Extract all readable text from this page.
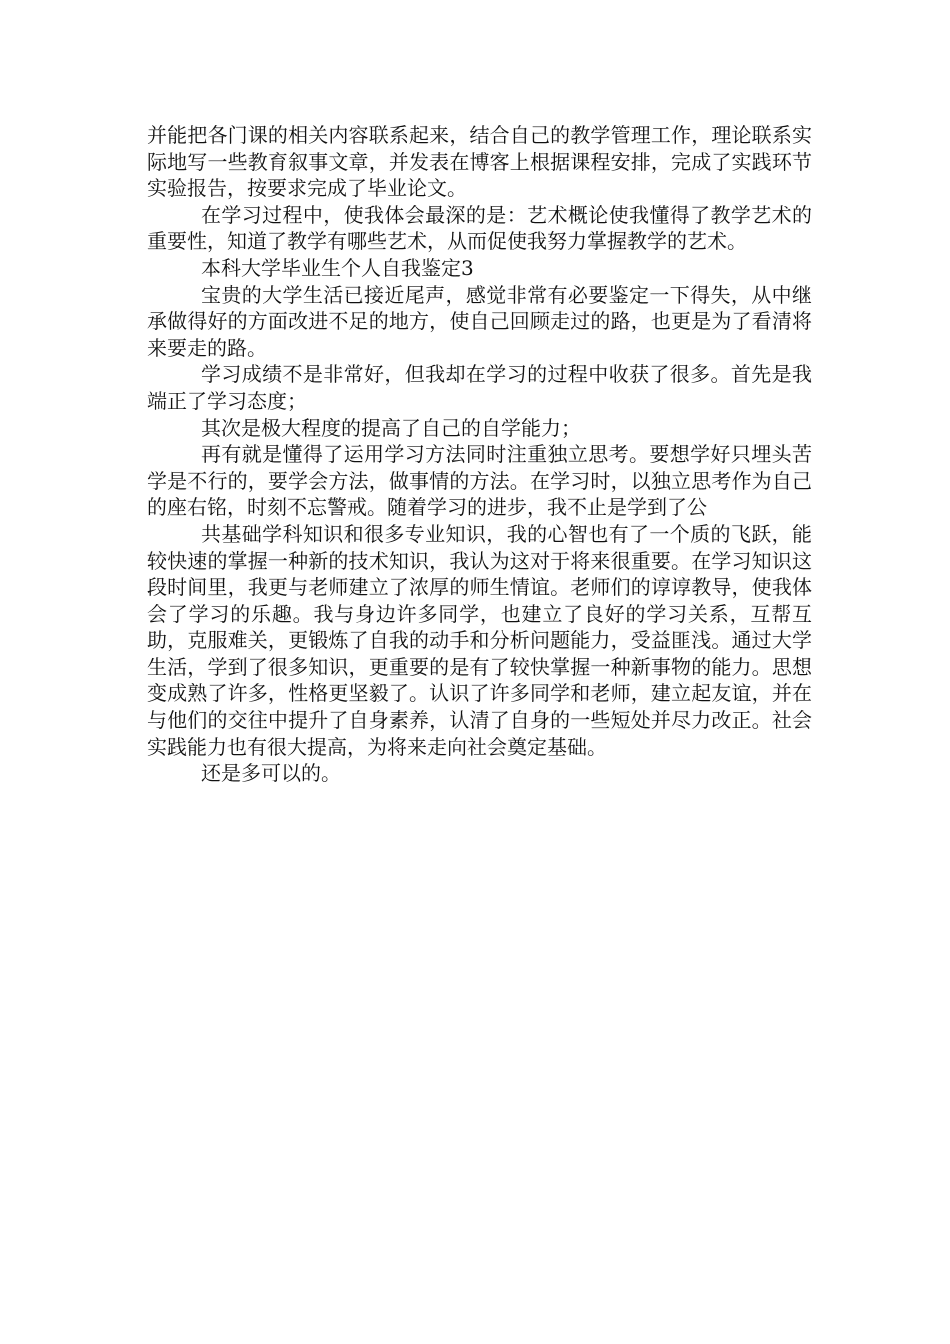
并能把各门课的相关内容联系起来，结合自己的教学管理工作，理论联系实际地写一些教育叙事文章，并发表在博客上根据课程安排，完成了实践环节实验报告，按要求完成了毕业论文。

在学习过程中，使我体会最深的是：艺术概论使我懂得了教学艺术的重要性，知道了教学有哪些艺术，从而促使我努力掌握教学的艺术。

本科大学毕业生个人自我鉴定3

宝贵的大学生活已接近尾声，感觉非常有必要鉴定一下得失，从中继承做得好的方面改进不足的地方，使自己回顾走过的路，也更是为了看清将来要走的路。

学习成绩不是非常好，但我却在学习的过程中收获了很多。首先是我端正了学习态度；

其次是极大程度的提高了自己的自学能力；

再有就是懂得了运用学习方法同时注重独立思考。要想学好只埋头苦学是不行的，要学会方法，做事情的方法。在学习时，以独立思考作为自己的座右铭，时刻不忘警戒。随着学习的进步，我不止是学到了公

共基础学科知识和很多专业知识，我的心智也有了一个质的飞跃，能较快速的掌握一种新的技术知识，我认为这对于将来很重要。在学习知识这段时间里，我更与老师建立了浓厚的师生情谊。老师们的谆谆教导，使我体会了学习的乐趣。我与身边许多同学，也建立了良好的学习关系，互帮互助，克服难关，更锻炼了自我的动手和分析问题能力，受益匪浅。通过大学生活，学到了很多知识，更重要的是有了较快掌握一种新事物的能力。思想变成熟了许多，性格更坚毅了。认识了许多同学和老师，建立起友谊，并在与他们的交往中提升了自身素养，认清了自身的一些短处并尽力改正。社会实践能力也有很大提高，为将来走向社会奠定基础。

还是多可以的。
